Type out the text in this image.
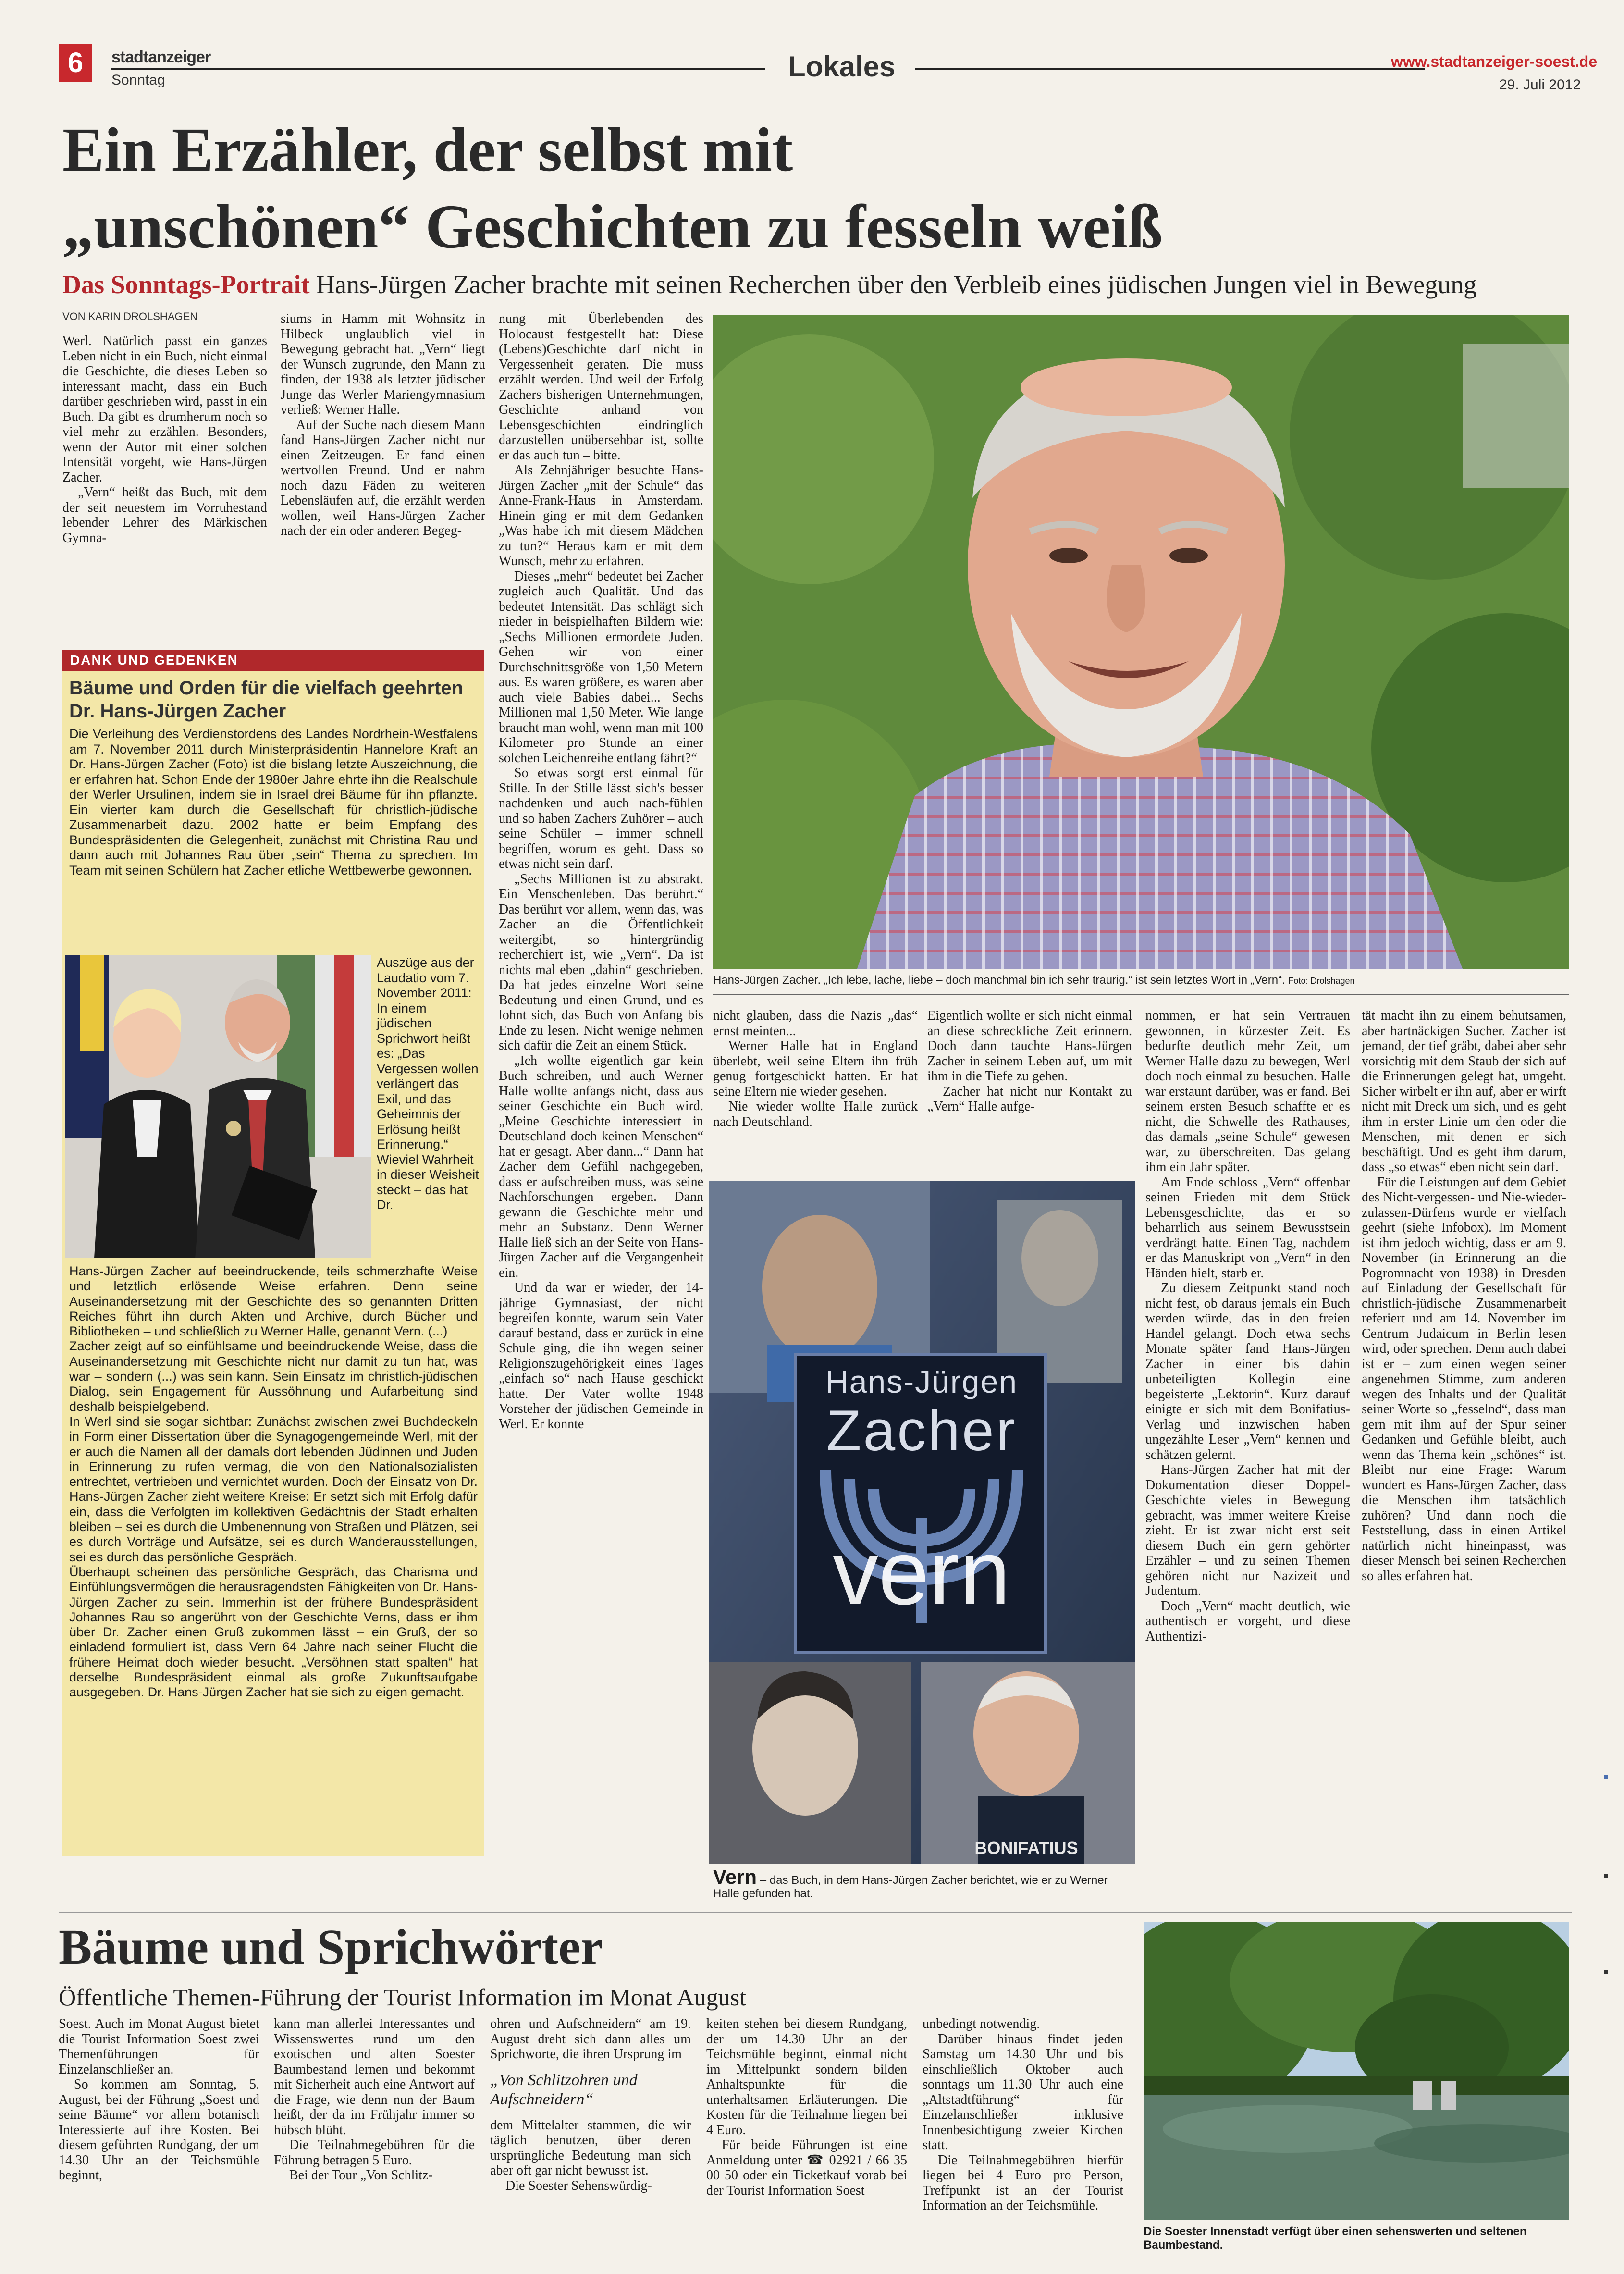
6	stadtanzeiger
Sonntag	Lokales	www.stadtanzeiger-soest.de
29. Juli 2012
Ein Erzähler, der selbst mit
„unschönen“ Geschichten zu fesseln weiß
Das Sonntags-Portrait Hans-Jürgen Zacher brachte mit seinen Recherchen über den Verbleib eines jüdischen Jungen viel in Bewegung
VON KARIN DROLSHAGEN

Werl. Natürlich passt ein ganzes Leben nicht in ein Buch, nicht einmal die Geschichte, die dieses Leben so interessant macht, dass ein Buch darüber geschrieben wird, passt in ein Buch. Da gibt es drumherum noch so viel mehr zu erzählen. Besonders, wenn der Autor mit einer solchen Intensität vorgeht, wie Hans-Jürgen Zacher.

„Vern“ heißt das Buch, mit dem der seit neuestem im Vorruhestand lebender Lehrer des Märkischen Gymna-

siums in Hamm mit Wohnsitz in Hilbeck unglaublich viel in Bewegung gebracht hat. „Vern“ liegt der Wunsch zugrunde, den Mann zu finden, der 1938 als letzter jüdischer Junge das Werler Mariengymnasium verließ: Werner Halle.

Auf der Suche nach diesem Mann fand Hans-Jürgen Zacher nicht nur einen Zeitzeugen. Er fand einen wertvollen Freund. Und er nahm noch dazu Fäden zu weiteren Lebensläufen auf, die erzählt werden wollen, weil Hans-Jürgen Zacher nach der ein oder anderen Begeg-

nung mit Überlebenden des Holocaust festgestellt hat: Diese (Lebens)Geschichte darf nicht in Vergessenheit geraten. Die muss erzählt werden. Und weil der Erfolg Zachers bisherigen Unternehmungen, Geschichte anhand von Lebensgeschichten eindringlich darzustellen unübersehbar ist, sollte er das auch tun – bitte.

Als Zehnjähriger besuchte Hans-Jürgen Zacher „mit der Schule“ das Anne-Frank-Haus in Amsterdam. Hinein ging er mit dem Gedanken „Was habe ich mit diesem Mädchen zu tun?“ Heraus kam er mit dem Wunsch, mehr zu erfahren.

Dieses „mehr“ bedeutet bei Zacher zugleich auch Qualität. Und das bedeutet Intensität. Das schlägt sich nieder in beispielhaften Bildern wie: „Sechs Millionen ermordete Juden. Gehen wir von einer Durchschnittsgröße von 1,50 Metern aus. Es waren größere, es waren aber auch viele Babies dabei... Sechs Millionen mal 1,50 Meter. Wie lange braucht man wohl, wenn man mit 100 Kilometer pro Stunde an einer solchen Leichenreihe entlang fährt?“

So etwas sorgt erst einmal für Stille. In der Stille lässt sich's besser nachdenken und auch nach-fühlen und so haben Zachers Zuhörer – auch seine Schüler – immer schnell begriffen, worum es geht. Dass so etwas nicht sein darf.

„Sechs Millionen ist zu abstrakt. Ein Menschenleben. Das berührt.“ Das berührt vor allem, wenn das, was Zacher an die Öffentlichkeit weitergibt, so hintergründig recherchiert ist, wie „Vern“. Da ist nichts mal eben „dahin“ geschrieben. Da hat jedes einzelne Wort seine Bedeutung und einen Grund, und es lohnt sich, das Buch von Anfang bis Ende zu lesen. Nicht wenige nehmen sich dafür die Zeit an einem Stück.

„Ich wollte eigentlich gar kein Buch schreiben, und auch Werner Halle wollte anfangs nicht, dass aus seiner Geschichte ein Buch wird. „Meine Geschichte interessiert in Deutschland doch keinen Menschen“ hat er gesagt. Aber dann...“ Dann hat Zacher dem Gefühl nachgegeben, dass er aufschreiben muss, was seine Nachforschungen ergeben. Dann gewann die Geschichte mehr und mehr an Substanz. Denn Werner Halle ließ sich an der Seite von Hans-Jürgen Zacher auf die Vergangenheit ein.

Und da war er wieder, der 14-jährige Gymnasiast, der nicht begreifen konnte, warum sein Vater darauf bestand, dass er zurück in eine Schule ging, die ihn wegen seiner Religionszugehörigkeit eines Tages „einfach so“ nach Hause geschickt hatte. Der Vater wollte 1948 Vorsteher der jüdischen Gemeinde in Werl. Er konnte

Hans-Jürgen Zacher. „Ich lebe, lache, liebe – doch manchmal bin ich sehr traurig.“ ist sein letztes Wort in „Vern“. Foto: Drolshagen
DANK UND GEDENKEN
Bäume und Orden für die vielfach geehrten Dr. Hans-Jürgen Zacher
Die Verleihung des Verdienstordens des Landes Nordrhein-Westfalens am 7. November 2011 durch Ministerpräsidentin Hannelore Kraft an Dr. Hans-Jürgen Zacher (Foto) ist die bislang letzte Auszeichnung, die er erfahren hat. Schon Ende der 1980er Jahre ehrte ihn die Realschule der Werler Ursulinen, indem sie in Israel drei Bäume für ihn pflanzte. Ein vierter kam durch die Gesellschaft für christlich-jüdische Zusammenarbeit dazu. 2002 hatte er beim Empfang des Bundespräsidenten die Gelegenheit, zunächst mit Christina Rau und dann auch mit Johannes Rau über „sein“ Thema zu sprechen. Im Team mit seinen Schülern hat Zacher etliche Wettbewerbe gewonnen.
Auszüge aus der Laudatio vom 7. November 2011: In einem jüdischen Sprichwort heißt es: „Das Vergessen wollen verlängert das Exil, und das Geheimnis der Erlösung heißt Erinnerung.“ Wieviel Wahrheit in dieser Weisheit steckt – das hat Dr.
Hans-Jürgen Zacher auf beeindruckende, teils schmerzhafte Weise und letztlich erlösende Weise erfahren. Denn seine Auseinandersetzung mit der Geschichte des so genannten Dritten Reiches führt ihn durch Akten und Archive, durch Bücher und Bibliotheken – und schließlich zu Werner Halle, genannt Vern. (...)
Zacher zeigt auf so einfühlsame und beeindruckende Weise, dass die Auseinandersetzung mit Geschichte nicht nur damit zu tun hat, was war – sondern (...) was sein kann. Sein Einsatz im christlich-jüdischen Dialog, sein Engagement für Aussöhnung und Aufarbeitung sind deshalb beispielgebend.
In Werl sind sie sogar sichtbar: Zunächst zwischen zwei Buchdeckeln in Form einer Dissertation über die Synagogengemeinde Werl, mit der er auch die Namen all der damals dort lebenden Jüdinnen und Juden in Erinnerung zu rufen vermag, die von den Nationalsozialisten entrechtet, vertrieben und vernichtet wurden. Doch der Einsatz von Dr. Hans-Jürgen Zacher zieht weitere Kreise: Er setzt sich mit Erfolg dafür ein, dass die Verfolgten im kollektiven Gedächtnis der Stadt erhalten bleiben – sei es durch die Umbenennung von Straßen und Plätzen, sei es durch Vorträge und Aufsätze, sei es durch Wanderausstellungen, sei es durch das persönliche Gespräch.
Überhaupt scheinen das persönliche Gespräch, das Charisma und Einfühlungsvermögen die herausragendsten Fähigkeiten von Dr. Hans-Jürgen Zacher zu sein. Immerhin ist der frühere Bundespräsident Johannes Rau so angerührt von der Geschichte Verns, dass er ihm über Dr. Zacher einen Gruß zukommen lässt – ein Gruß, der so einladend formuliert ist, dass Vern 64 Jahre nach seiner Flucht die frühere Heimat doch wieder besucht. „Versöhnen statt spalten“ hat derselbe Bundespräsident einmal als große Zukunftsaufgabe ausgegeben. Dr. Hans-Jürgen Zacher hat sie sich zu eigen gemacht.

nicht glauben, dass die Nazis „das“ ernst meinten...

Werner Halle hat in England überlebt, weil seine Eltern ihn früh genug fortgeschickt hatten. Er hat seine Eltern nie wieder gesehen.

Nie wieder wollte Halle zurück nach Deutschland.

Eigentlich wollte er sich nicht einmal an diese schreckliche Zeit erinnern. Doch dann tauchte Hans-Jürgen Zacher in seinem Leben auf, um mit ihm in die Tiefe zu gehen.

Zacher hat nicht nur Kontakt zu „Vern“ Halle aufge-

Hans-Jürgen
Zacher
vern
BONIFATIUS
Vern – das Buch, in dem Hans-Jürgen Zacher berichtet, wie er zu Werner Halle gefunden hat.

nommen, er hat sein Vertrauen gewonnen, in kürzester Zeit. Es bedurfte deutlich mehr Zeit, um Werner Halle dazu zu bewegen, Werl doch noch einmal zu besuchen. Halle war erstaunt darüber, was er fand. Bei seinem ersten Besuch schaffte er es nicht, die Schwelle des Rathauses, das damals „seine Schule“ gewesen war, zu überschreiten. Das gelang ihm ein Jahr später.

Am Ende schloss „Vern“ offenbar seinen Frieden mit dem Stück Lebensgeschichte, das er so beharrlich aus seinem Bewusstsein verdrängt hatte. Einen Tag, nachdem er das Manuskript von „Vern“ in den Händen hielt, starb er.

Zu diesem Zeitpunkt stand noch nicht fest, ob daraus jemals ein Buch werden würde, das in den freien Handel gelangt. Doch etwa sechs Monate später fand Hans-Jürgen Zacher in einer bis dahin unbeteiligten Kollegin eine begeisterte „Lektorin“. Kurz darauf einigte er sich mit dem Bonifatius-Verlag und inzwischen haben ungezählte Leser „Vern“ kennen und schätzen gelernt.

Hans-Jürgen Zacher hat mit der Dokumentation dieser Doppel-Geschichte vieles in Bewegung gebracht, was immer weitere Kreise zieht. Er ist zwar nicht erst seit diesem Buch ein gern gehörter Erzähler – und zu seinen Themen gehören nicht nur Nazizeit und Judentum.

Doch „Vern“ macht deutlich, wie authentisch er vorgeht, und diese Authentizi-

tät macht ihn zu einem behutsamen, aber hartnäckigen Sucher. Zacher ist jemand, der tief gräbt, dabei aber sehr vorsichtig mit dem Staub der sich auf die Erinnerungen gelegt hat, umgeht. Sicher wirbelt er ihn auf, aber er wirft nicht mit Dreck um sich, und es geht ihm in erster Linie um den oder die Menschen, mit denen er sich beschäftigt. Und es geht ihm darum, dass „so etwas“ eben nicht sein darf.

Für die Leistungen auf dem Gebiet des Nicht-vergessen- und Nie-wieder-zulassen-Dürfens wurde er vielfach geehrt (siehe Infobox). Im Moment ist ihm jedoch wichtig, dass er am 9. November (in Erinnerung an die Pogromnacht von 1938) in Dresden auf Einladung der Gesellschaft für christlich-jüdische Zusammenarbeit referiert und am 14. November im Centrum Judaicum in Berlin lesen wird, oder sprechen. Denn auch dabei ist er – zum einen wegen seiner angenehmen Stimme, zum anderen wegen des Inhalts und der Qualität seiner Worte so „fesselnd“, dass man gern mit ihm auf der Spur seiner Gedanken und Gefühle bleibt, auch wenn das Thema kein „schönes“ ist. Bleibt nur eine Frage: Warum wundert es Hans-Jürgen Zacher, dass die Menschen ihm tatsächlich zuhören? Und dann noch die Feststellung, dass in einen Artikel natürlich nicht hineinpasst, was dieser Mensch bei seinen Recherchen so alles erfahren hat.

Bäume und Sprichwörter
Öffentliche Themen-Führung der Tourist Information im Monat August

Soest. Auch im Monat August bietet die Tourist Information Soest zwei Themenführungen für Einzelanschließer an.

So kommen am Sonntag, 5. August, bei der Führung „Soest und seine Bäume“ vor allem botanisch Interessierte auf ihre Kosten. Bei diesem geführten Rundgang, der um 14.30 Uhr an der Teichsmühle beginnt,

kann man allerlei Interessantes und Wissenswertes rund um den exotischen und alten Soester Baumbestand lernen und bekommt mit Sicherheit auch eine Antwort auf die Frage, wie denn nun der Baum heißt, der da im Frühjahr immer so hübsch blüht.

Die Teilnahmegebühren für die Führung betragen 5 Euro.

Bei der Tour „Von Schlitz-

ohren und Aufschneidern“ am 19. August dreht sich dann alles um Sprichworte, die ihren Ursprung im

„Von Schlitzohren und Aufschneidern“

dem Mittelalter stammen, die wir täglich benutzen, über deren ursprüngliche Bedeutung man sich aber oft gar nicht bewusst ist.

Die Soester Sehenswürdig-

keiten stehen bei diesem Rundgang, der um 14.30 Uhr an der Teichsmühle beginnt, einmal nicht im Mittelpunkt sondern bilden Anhaltspunkte für die unterhaltsamen Erläuterungen. Die Kosten für die Teilnahme liegen bei 4 Euro.

Für beide Führungen ist eine Anmeldung unter ☎ 02921 / 66 35 00 50 oder ein Ticketkauf vorab bei der Tourist Information Soest

unbedingt notwendig.

Darüber hinaus findet jeden Samstag um 14.30 Uhr und bis einschließlich Oktober auch sonntags um 11.30 Uhr auch eine „Altstadtführung“ für Einzelanschließer inklusive Innenbesichtigung zweier Kirchen statt.

Die Teilnahmegebühren hierfür liegen bei 4 Euro pro Person, Treffpunkt ist an der Tourist Information an der Teichsmühle.

Die Soester Innenstadt verfügt über einen sehenswerten und seltenen Baumbestand.
